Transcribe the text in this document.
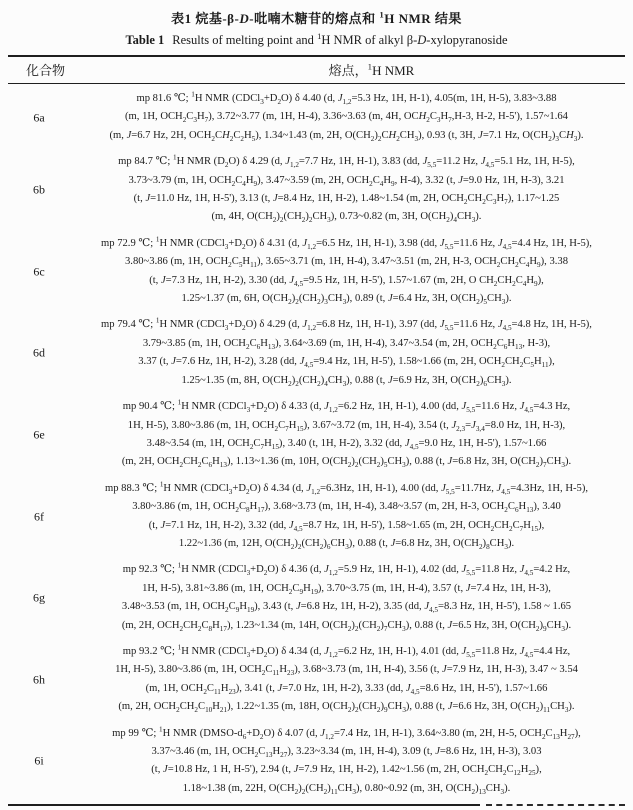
表1 烷基-β-D-吡喃木糖苷的熔点和 $^1$H NMR 结果
Table 1 Results of melting point and $^1$H NMR of alkyl β-D-xylopyranoside
化合物	熔点，$^1$H NMR
6a
mp 81.6 ℃; $^1$H NMR $(CDCl_3+D_2O)$ δ 4.40 (d, $J_{1,2}=5.3$ Hz, 1H, H-1), 4.05(m, 1H, H-5), 3.83~3.88
(m, 1H, $OCH_2C_3H_7$), 3.72~3.77 (m, 1H, H-4), 3.36~3.63 (m, 4H, $OCH_2C_3H_7,H-3$, H-2, H-5'), 1.57~1.64
(m, J=6.7 Hz, 2H, $OCH_2CH_2C_2H_5$), 1.34~1.43 (m, 2H, $O(CH_2)_2CH_2CH_3$), 0.93 (t, 3H, J=7.1 Hz, $O(CH_2)_3CH_3$).
6b
mp 84.7 ℃; $^1$H NMR $(D_2O)$ δ 4.29 (d, $J_{1,2}=7.7$ Hz, 1H, H-1), 3.83 (dd, $J_{5,5}=11.2$ Hz, $J_{4,5}=5.1$ Hz, 1H, H-5),
3.73~3.79 (m, 1H, $OCH_2C_4H_9$), 3.47~3.59 (m, 2H, $OCH_2C_4H_9$, H-4), 3.32 (t, J=9.0 Hz, 1H, H-3), 3.21
(t, J=11.0 Hz, 1H, H-5'), 3.13 (t, J=8.4 Hz, 1H, H-2), 1.48~1.54 (m, 2H, $OCH_2CH_2C_3H_7$), 1.17~1.25
(m, 4H, $O(CH_2)_2(CH_2)_2CH_3$), 0.73~0.82 (m, 3H, $O(CH_2)_4CH_3$).
6c
mp 72.9 ℃; $^1$H NMR $(CDCl_3+D_2O)$ δ 4.31 (d, $J_{1,2}=6.5$ Hz, 1H, H-1), 3.98 (dd, $J_{5,5}=11.6$ Hz, $J_{4,5}=4.4$ Hz, 1H, H-5),
3.80~3.86 (m, 1H, $OCH_2C_5H_{11}$), 3.65~3.71 (m, 1H, H-4), 3.47~3.51 (m, 2H, H-3, $OCH_2CH_2C_4H_9$), 3.38
(t, J=7.3 Hz, 1H, H-2), 3.30 (dd, $J_{4,5}=9.5$ Hz, 1H, H-5'), 1.57~1.67 (m, 2H, O $CH_2CH_2C_4H_9$),
1.25~1.37 (m, 6H, $O(CH_2)_2(CH_2)_3CH_3$), 0.89 (t, J=6.4 Hz, 3H, $O(CH_2)_5CH_3$).
6d
mp 79.4 ℃; $^1$H NMR $(CDCl_3+D_2O)$ δ 4.29 (d, $J_{1,2}=6.8$ Hz, 1H, H-1), 3.97 (dd, $J_{5,5}=11.6$ Hz, $J_{4,5}=4.8$ Hz, 1H, H-5),
3.79~3.85 (m, 1H, $OCH_2C_6H_{13}$), 3.64~3.69 (m, 1H, H-4), 3.47~3.54 (m, 2H, $OCH_2C_6H_{13}$, H-3),
3.37 (t, J=7.6 Hz, 1H, H-2), 3.28 (dd, $J_{4,5}=9.4$ Hz, 1H, H-5'), 1.58~1.66 (m, 2H, $OCH_2CH_2C_5H_{11}$),
1.25~1.35 (m, 8H, $O(CH_2)_2(CH_2)_4CH_3$), 0.88 (t, J=6.9 Hz, 3H, $O(CH_2)_6CH_3$).
6e
mp 90.4 ℃; $^1$H NMR $(CDCl_3+D_2O)$ δ 4.33 (d, $J_{1,2}=6.2$ Hz, 1H, H-1), 4.00 (dd, $J_{5,5}=11.6$ Hz, $J_{4,5}=4.3$ Hz,
1H, H-5), 3.80~3.86 (m, 1H, $OCH_2C_7H_{15}$), 3.67~3.72 (m, 1H, H-4), 3.54 (t, $J_{2,3}=J_{3,4}=8.0$ Hz, 1H, H-3),
3.48~3.54 (m, 1H, $OCH_2C_7H_{15}$), 3.40 (t, 1H, H-2), 3.32 (dd, $J_{4,5}=9.0$ Hz, 1H, H-5'), 1.57~1.66
(m, 2H, $OCH_2CH_2C_6H_{13}$), 1.13~1.36 (m, 10H, $O(CH_2)_2(CH_2)_5CH_3$), 0.88 (t, J=6.8 Hz, 3H, $O(CH_2)_7CH_3$).
6f
mp 88.3 ℃; $^1$H NMR $(CDCl_3+D_2O)$ δ 4.34 (d, $J_{1,2}=6.3Hz$, 1H, H-1), 4.00 (dd, $J_{5,5}=11.7Hz$, $J_{4,5}=4.3Hz$, 1H, H-5),
3.80~3.86 (m, 1H, $OCH_2C_8H_{17}$), 3.68~3.73 (m, 1H, H-4), 3.48~3.57 (m, 2H, H-3, $OCH_2C_6H_{13}$), 3.40
(t, J=7.1 Hz, 1H, H-2), 3.32 (dd, $J_{4,5}=8.7$ Hz, 1H, H-5'), 1.58~1.65 (m, 2H, $OCH_2CH_2C_7H_{15}$),
1.22~1.36 (m, 12H, $O(CH_2)_2(CH_2)_6CH_3$), 0.88 (t, J=6.8 Hz, 3H, $O(CH_2)_8CH_3$).
6g
mp 92.3 ℃; $^1$H NMR $(CDCl_3+D_2O)$ δ 4.36 (d, $J_{1,2}=5.9$ Hz, 1H, H-1), 4.02 (dd, $J_{5,5}=11.8$ Hz, $J_{4,5}=4.2$ Hz,
1H, H-5), 3.81~3.86 (m, 1H, $OCH_2C_9H_{19}$), 3.70~3.75 (m, 1H, H-4), 3.57 (t, J=7.4 Hz, 1H, H-3),
3.48~3.53 (m, 1H, $OCH_2C_9H_{19}$), 3.43 (t, J=6.8 Hz, 1H, H-2), 3.35 (dd, $J_{4,5}=8.3$ Hz, 1H, H-5'), 1.58 ~ 1.65
(m, 2H, $OCH_2CH_2C_8H_{17}$), 1.23~1.34 (m, 14H, $O(CH_2)_2(CH_2)_7CH_3$), 0.88 (t, J=6.5 Hz, 3H, $O(CH_2)_9CH_3$).
6h
mp 93.2 ℃; $^1$H NMR $(CDCl_3+D_2O)$ δ 4.34 (d, $J_{1,2}=6.2$ Hz, 1H, H-1), 4.01 (dd, $J_{5,5}=11.8$ Hz, $J_{4,5}=4.4$ Hz,
1H, H-5), 3.80~3.86 (m, 1H, $OCH_2C_{11}H_{23}$), 3.68~3.73 (m, 1H, H-4), 3.56 (t, J=7.9 Hz, 1H, H-3), 3.47 ~ 3.54
(m, 1H, $OCH_2C_{11}H_{23}$), 3.41 (t, J=7.0 Hz, 1H, H-2), 3.33 (dd, $J_{4,5}=8.6$ Hz, 1H, H-5'), 1.57~1.66
(m, 2H, $OCH_2CH_2C_{10}H_{21}$), 1.22~1.35 (m, 18H, $O(CH_2)_2(CH_2)_9CH_3$), 0.88 (t, J=6.6 Hz, 3H, $O(CH_2)_{11}CH_3$).
6i
mp 99 ℃; $^1$H NMR $(DMSO-d_6+D_2O)$ δ 4.07 (d, $J_{1,2}=7.4$ Hz, 1H, H-1), 3.64~3.80 (m, 2H, H-5, $OCH_2C_{13}H_{27}$),
3.37~3.46 (m, 1H, $OCH_2C_{13}H_{27}$), 3.23~3.34 (m, 1H, H-4), 3.09 (t, J=8.6 Hz, 1H, H-3), 3.03
(t, J=10.8 Hz, 1 H, H-5'), 2.94 (t, J=7.9 Hz, 1H, H-2), 1.42~1.56 (m, 2H, $OCH_2CH_2C_{12}H_{25}$),
1.18~1.38 (m, 22H, $O(CH_2)_2(CH_2)_{11}CH_3$), 0.80~0.92 (m, 3H, $O(CH_2)_{13}CH_3$).
